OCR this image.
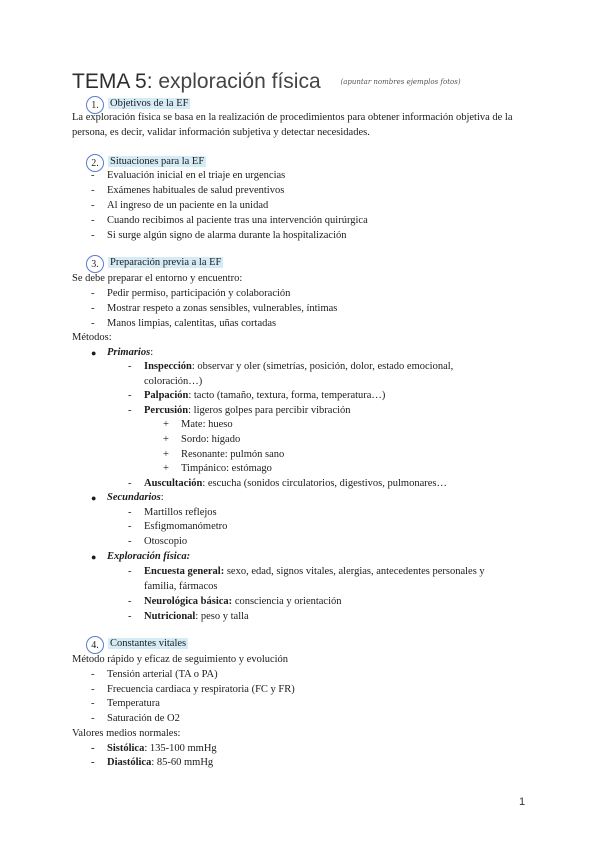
TEMA 5: exploración física	(apuntar nombres ejemplos fotos)
1.	Objetivos de la EF
La exploración física se basa en la realización de procedimientos para obtener información objetiva de la persona, es decir, validar información subjetiva y detectar necesidades.
2.	Situaciones para la EF
- Evaluación inicial en el triaje en urgencias
- Exámenes habituales de salud preventivos
- Al ingreso de un paciente en la unidad
- Cuando recibimos al paciente tras una intervención quirúrgica
- Si surge algún signo de alarma durante la hospitalización
3.	Preparación previa a la EF
Se debe preparar el entorno y encuentro:
- Pedir permiso, participación y colaboración
- Mostrar respeto a zonas sensibles, vulnerables, íntimas
- Manos limpias, calentitas, uñas cortadas
Métodos:
● Primarios:
- Inspección: observar y oler (simetrías, posición, dolor, estado emocional,
coloración…)
- Palpación: tacto (tamaño, textura, forma, temperatura…)
- Percusión: ligeros golpes para percibir vibración
+ Mate: hueso
+ Sordo: hígado
+ Resonante: pulmón sano
+ Timpánico: estómago
- Auscultación: escucha (sonidos circulatorios, digestivos, pulmonares…
● Secundarios:
- Martillos reflejos
- Esfigmomanómetro
- Otoscopio
● Exploración física:
- Encuesta general: sexo, edad, signos vitales, alergias, antecedentes personales y
familia, fármacos
- Neurológica básica: consciencia y orientación
- Nutricional: peso y talla
4.	Constantes vitales
Método rápido y eficaz de seguimiento y evolución
- Tensión arterial (TA o PA)
- Frecuencia cardiaca y respiratoria (FC y FR)
- Temperatura
- Saturación de O2
Valores medios normales:
- Sistólica: 135-100 mmHg
- Diastólica: 85-60 mmHg
1
